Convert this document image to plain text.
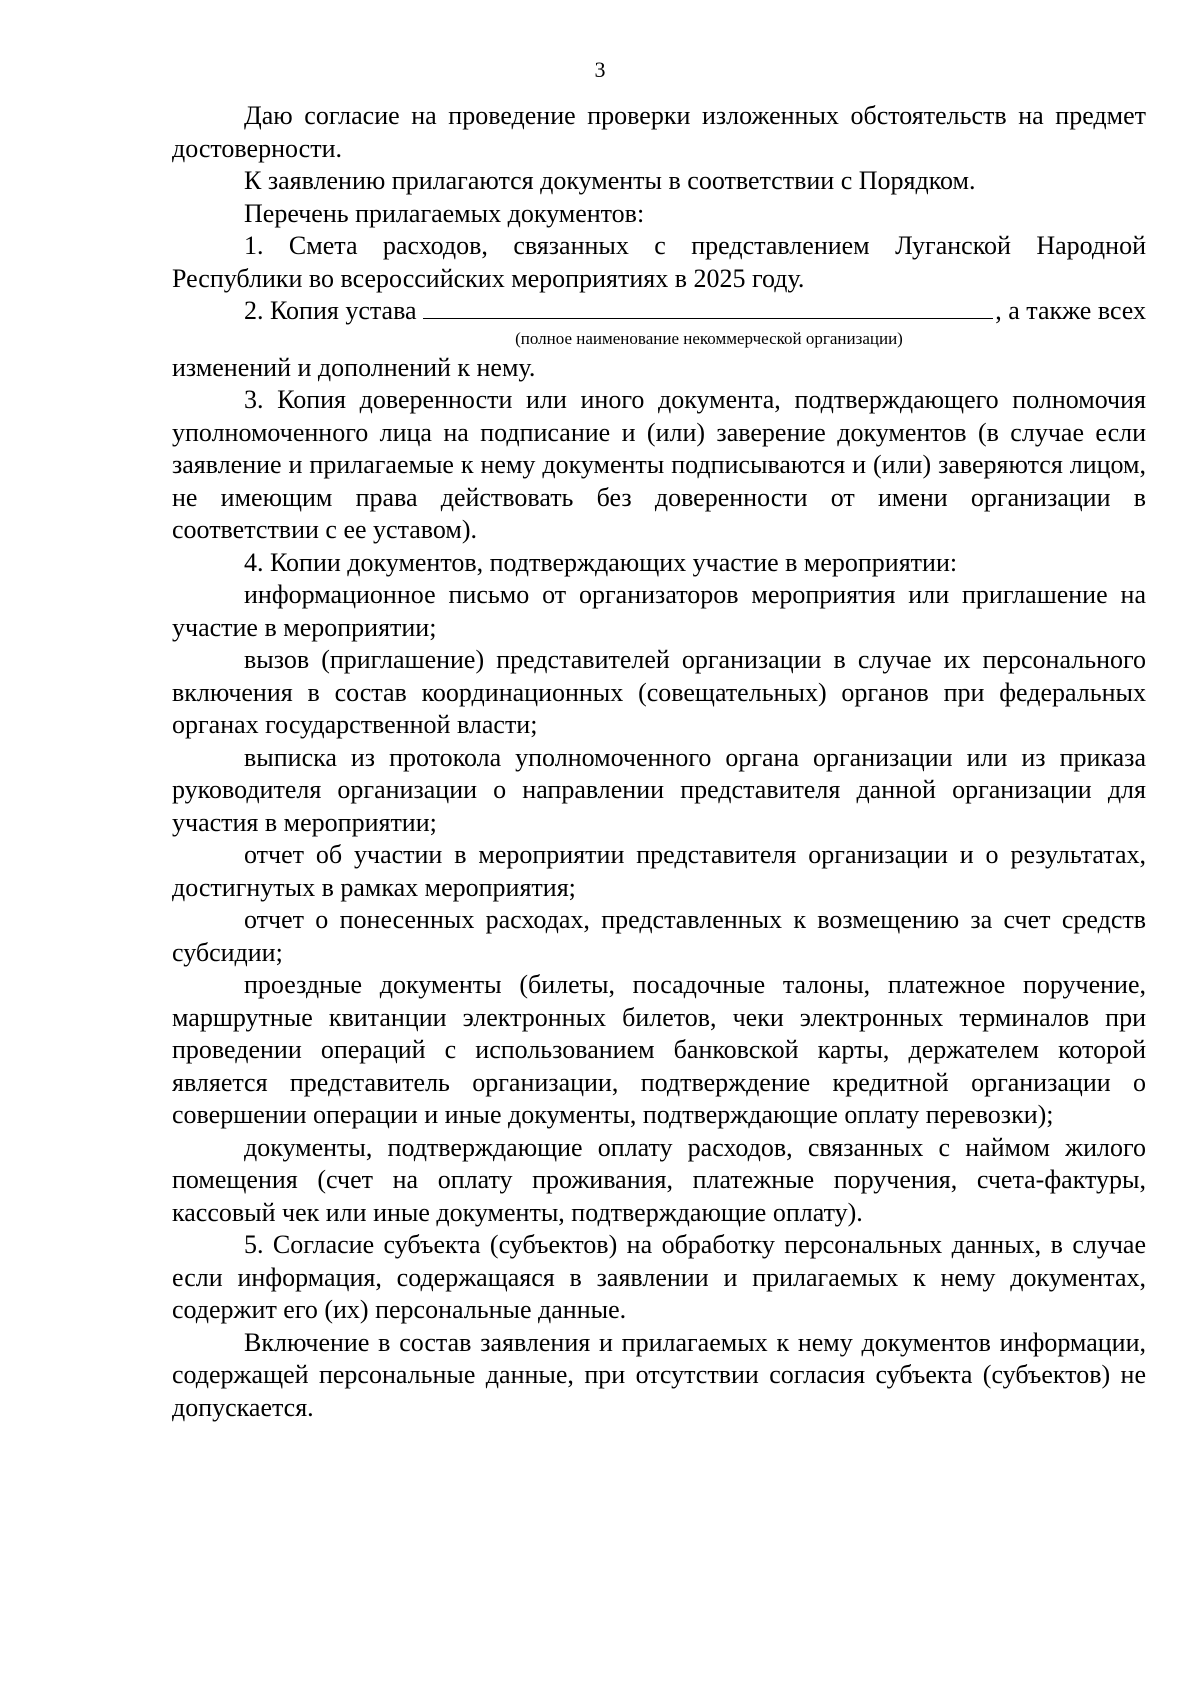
3

Даю согласие на проведение проверки изложенных обстоятельств на предмет достоверности.

К заявлению прилагаются документы в соответствии с Порядком.

Перечень прилагаемых документов:

1. Смета расходов, связанных с представлением Луганской Народной Республики во всероссийских мероприятиях в 2025 году.

2. Копия устава	, а также всех
(полное наименование некоммерческой организации)

изменений и дополнений к нему.

3. Копия доверенности или иного документа, подтверждающего полномочия уполномоченного лица на подписание и (или) заверение документов (в случае если заявление и прилагаемые к нему документы подписываются и (или) заверяются лицом, не имеющим права действовать без доверенности от имени организации в соответствии с ее уставом).

4. Копии документов, подтверждающих участие в мероприятии:

информационное письмо от организаторов мероприятия или приглашение на участие в мероприятии;

вызов (приглашение) представителей организации в случае их персонального включения в состав координационных (совещательных) органов при федеральных органах государственной власти;

выписка из протокола уполномоченного органа организации или из приказа руководителя организации о направлении представителя данной организации для участия в мероприятии;

отчет об участии в мероприятии представителя организации и о результатах, достигнутых в рамках мероприятия;

отчет о понесенных расходах, представленных к возмещению за счет средств субсидии;

проездные документы (билеты, посадочные талоны, платежное поручение, маршрутные квитанции электронных билетов, чеки электронных терминалов при проведении операций с использованием банковской карты, держателем которой является представитель организации, подтверждение кредитной организации о совершении операции и иные документы, подтверждающие оплату перевозки);

документы, подтверждающие оплату расходов, связанных с наймом жилого помещения (счет на оплату проживания, платежные поручения, счета-фактуры, кассовый чек или иные документы, подтверждающие оплату).

5. Согласие субъекта (субъектов) на обработку персональных данных, в случае если информация, содержащаяся в заявлении и прилагаемых к нему документах, содержит его (их) персональные данные.

Включение в состав заявления и прилагаемых к нему документов информации, содержащей персональные данные, при отсутствии согласия субъекта (субъектов) не допускается.
